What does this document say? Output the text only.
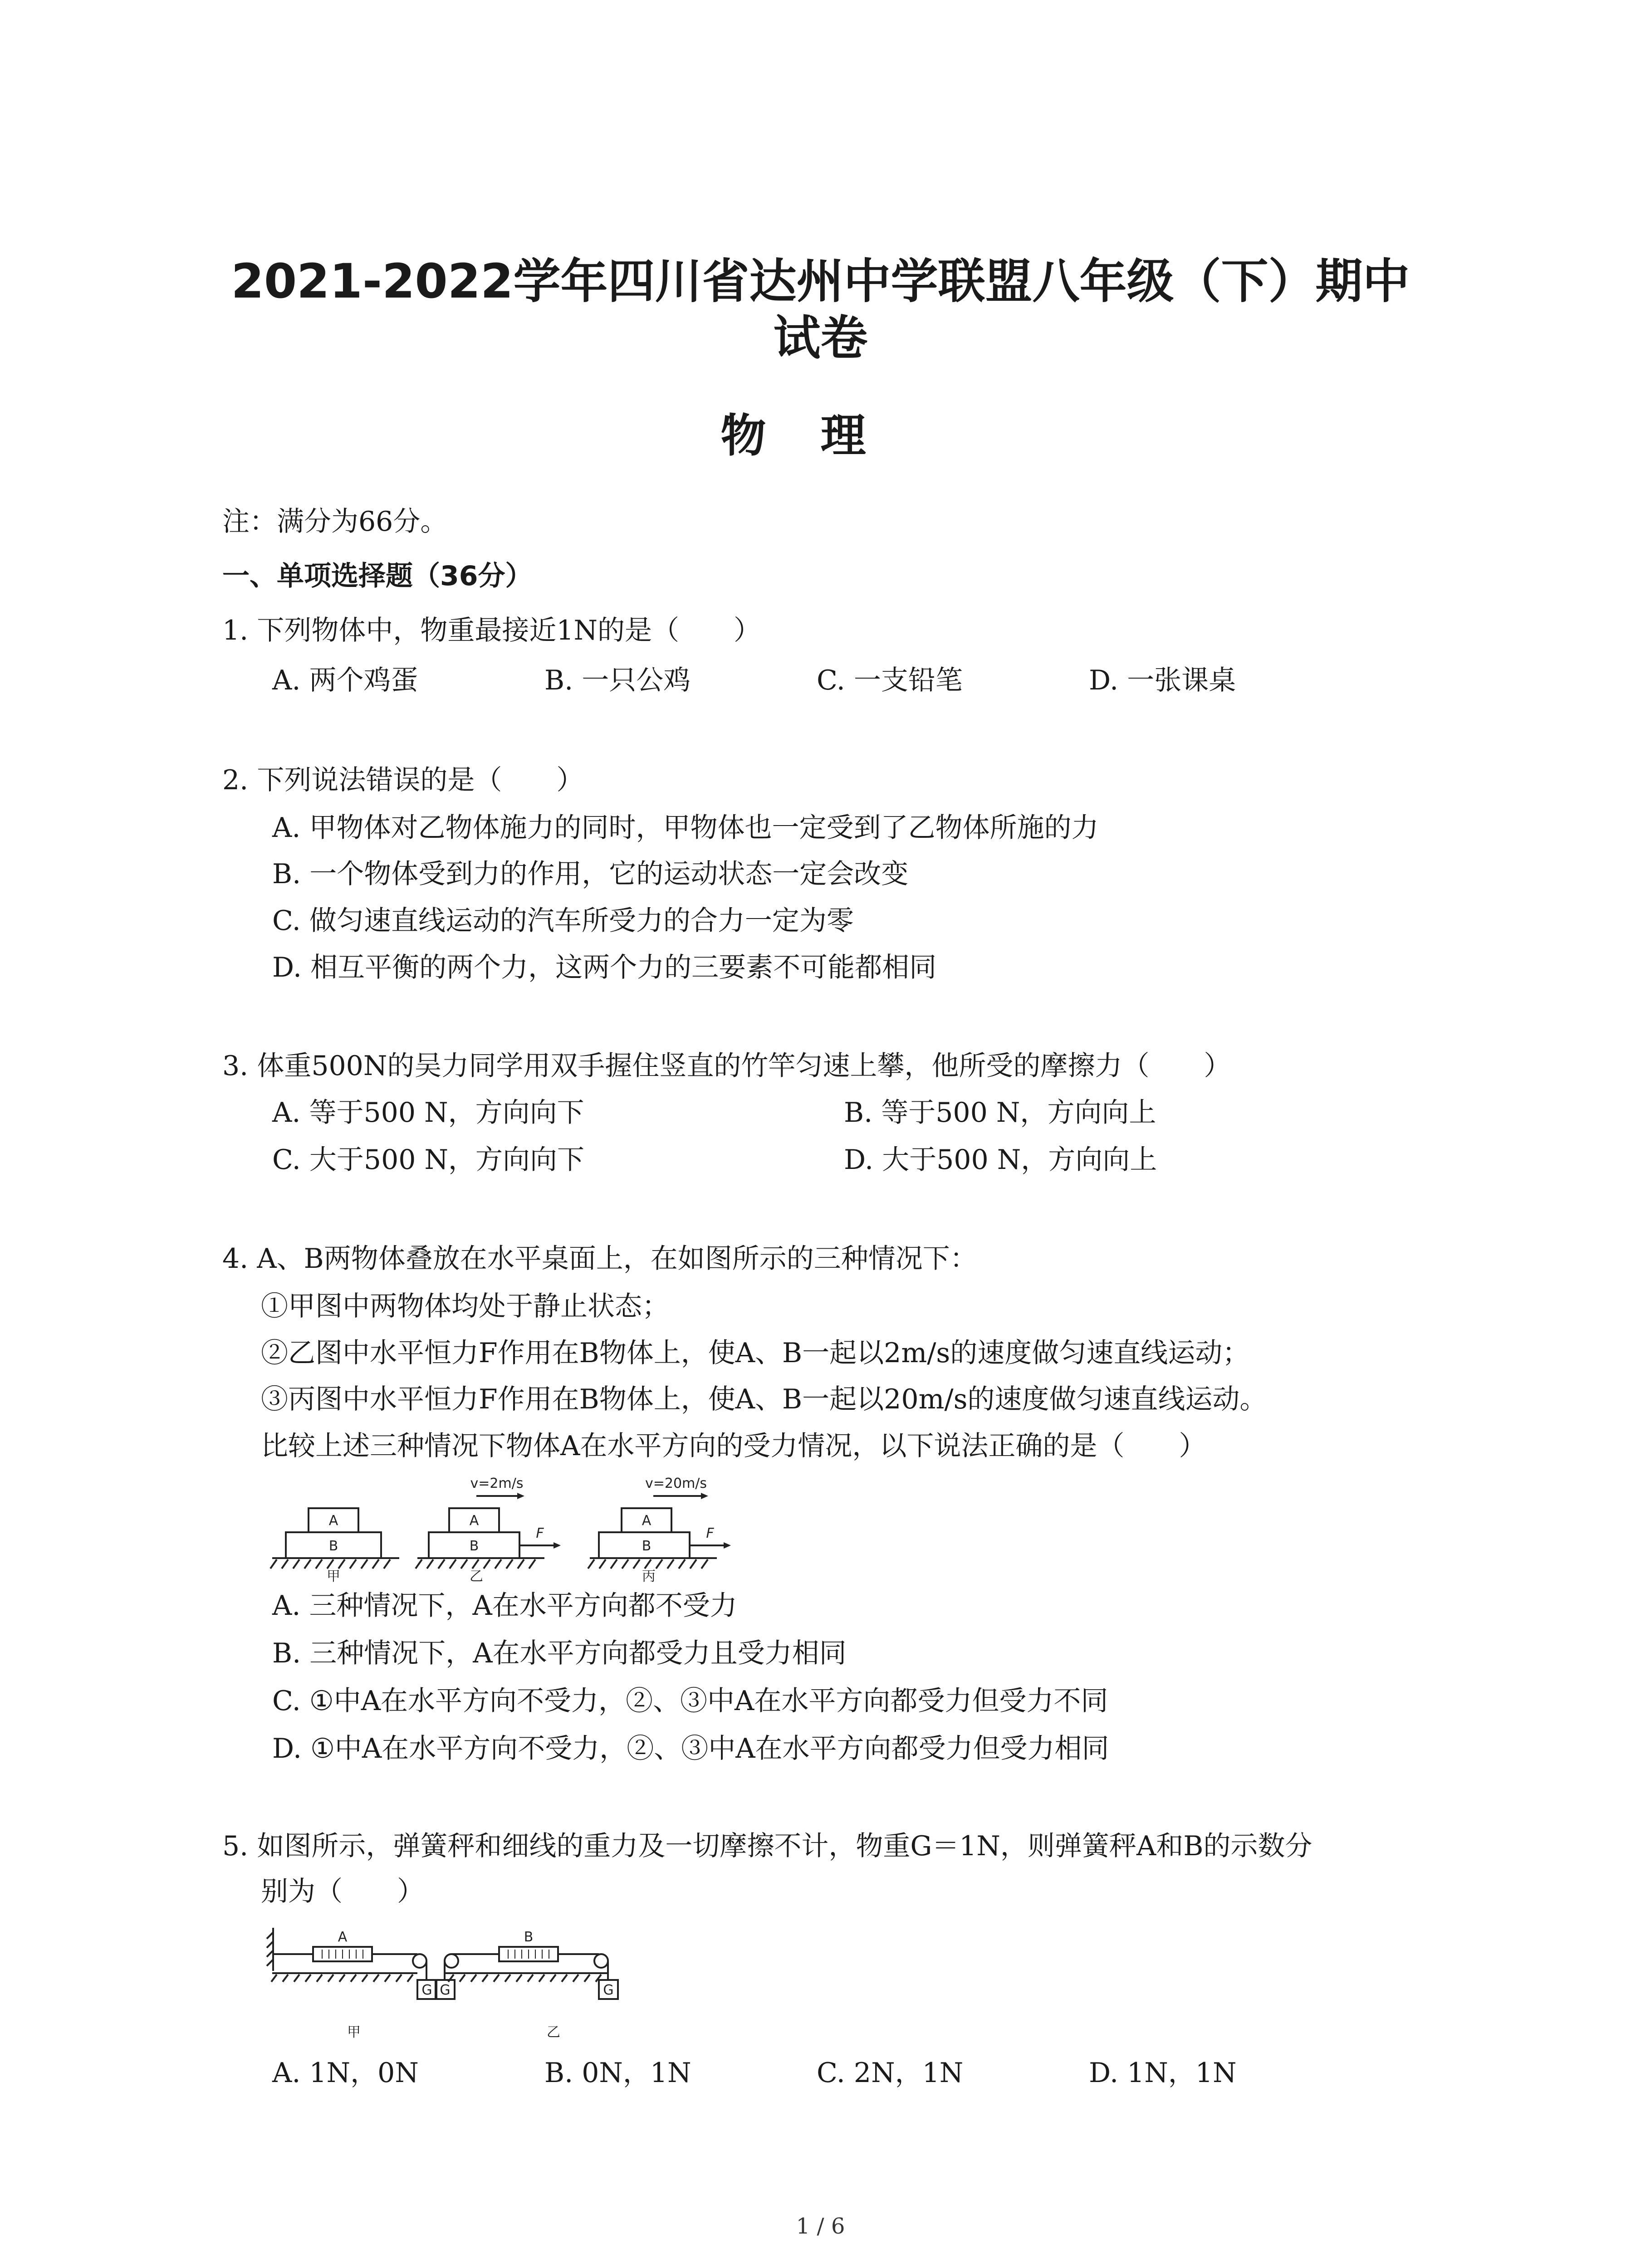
2021-2022学年四川省达州中学联盟八年级（下）期中
试卷
物理
注：满分为66分。
一、单项选择题（36分）
1. 下列物体中，物重最接近1N的是（　　）
A. 两个鸡蛋	B. 一只公鸡	C. 一支铅笔	D. 一张课桌
2. 下列说法错误的是（　　）
A. 甲物体对乙物体施力的同时，甲物体也一定受到了乙物体所施的力
B. 一个物体受到力的作用，它的运动状态一定会改变
C. 做匀速直线运动的汽车所受力的合力一定为零
D. 相互平衡的两个力，这两个力的三要素不可能都相同
3. 体重500N的吴力同学用双手握住竖直的竹竿匀速上攀，他所受的摩擦力（　　）
A. 等于500 N，方向向下	B. 等于500 N，方向向上
C. 大于500 N，方向向下	D. 大于500 N，方向向上
4. A、B两物体叠放在水平桌面上，在如图所示的三种情况下：
①甲图中两物体均处于静止状态；
②乙图中水平恒力F作用在B物体上，使A、B一起以2m/s的速度做匀速直线运动；
③丙图中水平恒力F作用在B物体上，使A、B一起以20m/s的速度做匀速直线运动。
比较上述三种情况下物体A在水平方向的受力情况，以下说法正确的是（　　）
A
B
A
B
A
B
v=2m/s	v=20m/s
F	F
甲	乙	丙
A. 三种情况下，A在水平方向都不受力
B. 三种情况下，A在水平方向都受力且受力相同
C. ①中A在水平方向不受力，②、③中A在水平方向都受力但受力不同
D. ①中A在水平方向不受力，②、③中A在水平方向都受力但受力相同
5. 如图所示，弹簧秤和细线的重力及一切摩擦不计，物重G＝1N，则弹簧秤A和B的示数分
别为（　　）
A	B
G G	G
甲	乙
A. 1N，0N	B. 0N，1N	C. 2N，1N	D. 1N，1N
1 / 6
